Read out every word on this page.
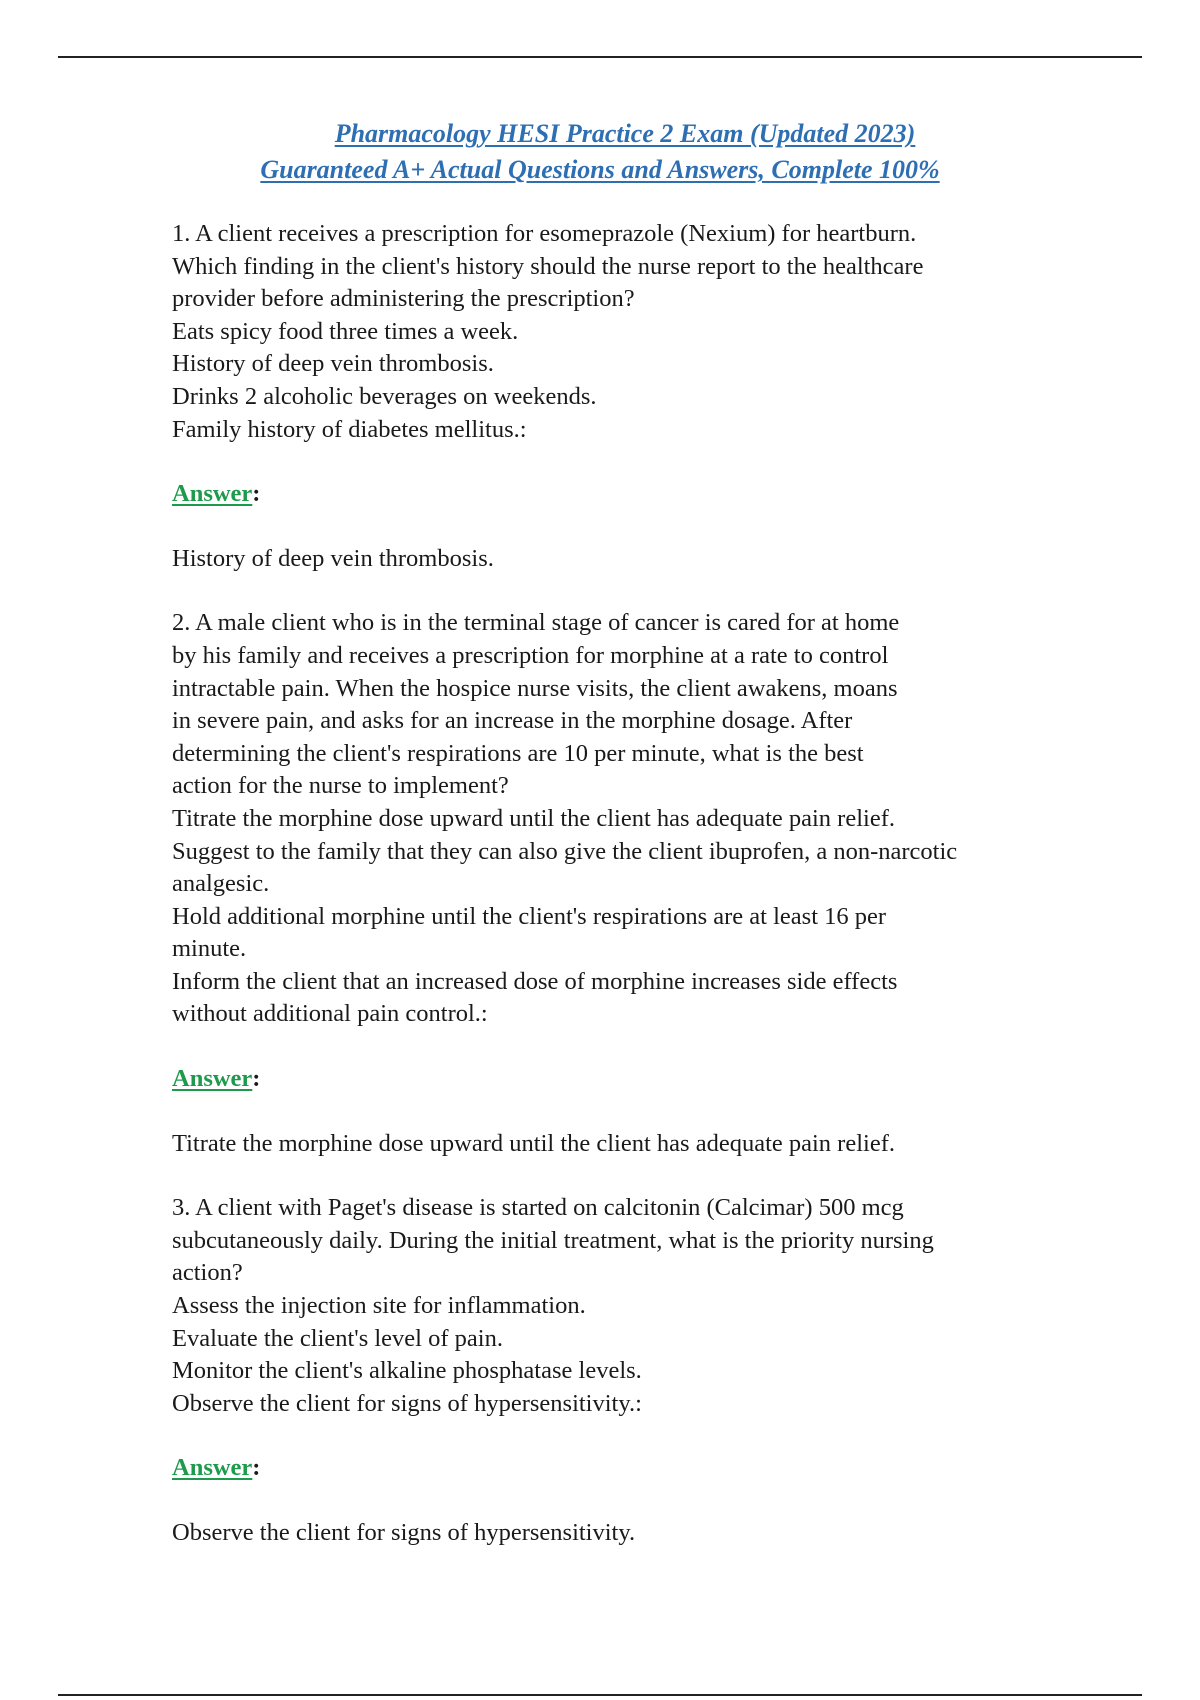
Pharmacology HESI Practice 2 Exam (Updated 2023)
Guaranteed A+ Actual Questions and Answers, Complete 100%

1. A client receives a prescription for esomeprazole (Nexium) for heartburn.
Which finding in the client's history should the nurse report to the healthcare
provider before administering the prescription?

Eats spicy food three times a week.

History of deep vein thrombosis.

Drinks 2 alcoholic beverages on weekends.

Family history of diabetes mellitus.:

Answer:

History of deep vein thrombosis.

2. A male client who is in the terminal stage of cancer is cared for at home
by his family and receives a prescription for morphine at a rate to control
intractable pain. When the hospice nurse visits, the client awakens, moans
in severe pain, and asks for an increase in the morphine dosage. After
determining the client's respirations are 10 per minute, what is the best
action for the nurse to implement?

Titrate the morphine dose upward until the client has adequate pain relief.

Suggest to the family that they can also give the client ibuprofen, a non-narcotic
analgesic.

Hold additional morphine until the client's respirations are at least 16 per
minute.

Inform the client that an increased dose of morphine increases side effects
without additional pain control.:

Answer:

Titrate the morphine dose upward until the client has adequate pain relief.

3. A client with Paget's disease is started on calcitonin (Calcimar) 500 mcg
subcutaneously daily. During the initial treatment, what is the priority nursing
action?

Assess the injection site for inflammation.

Evaluate the client's level of pain.

Monitor the client's alkaline phosphatase levels.

Observe the client for signs of hypersensitivity.:

Answer:

Observe the client for signs of hypersensitivity.
